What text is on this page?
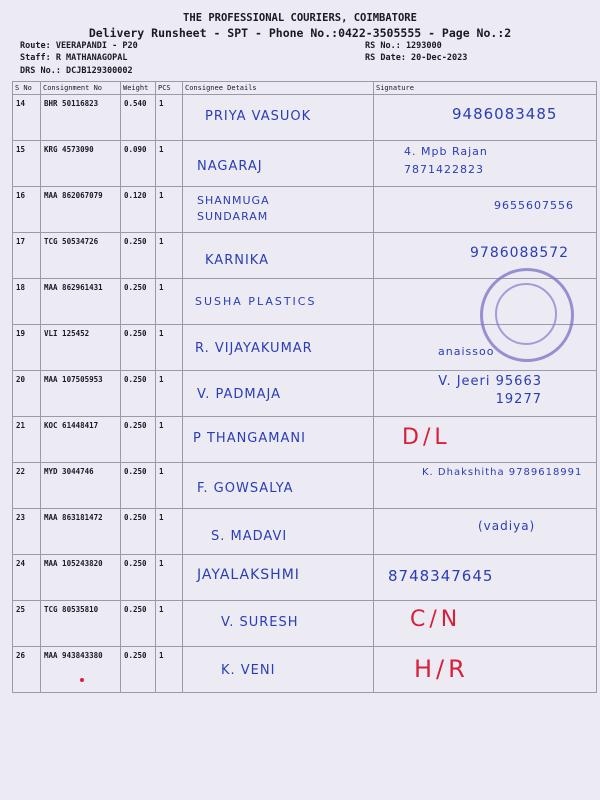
THE PROFESSIONAL COURIERS, COIMBATORE
Delivery Runsheet - SPT - Phone No.:0422-3505555 - Page No.:2
Route: VEERAPANDI - P20
Staff: R MATHANAGOPAL
DRS No.: DCJB129300002
RS No.: 1293000
RS Date: 20-Dec-2023
S No	Consignment No	Weight	PCS	Consignee Details	Signature
14	BHR 50116823	0.540	1	PRIYA VASUOK	9486083485

15	KRG 4573090	0.090	1	NAGARAJ	4. Mpb Rajan 7871422823

16	MAA 862067079	0.120	1	SHANMUGA SUNDARAM	9655607556

17	TCG 50534726	0.250	1	KARNIKA	9786088572

18	MAA 862961431	0.250	1	SUSHA PLASTICS	

19	VLI 125452	0.250	1	R. VIJAYAKUMAR	anaissoo

20	MAA 107505953	0.250	1	V. PADMAJA	V. Jeeri 95663 19277

21	KOC 61448417	0.250	1	P THANGAMANI	D/L

22	MYD 3044746	0.250	1	F. GOWSALYA	K. Dhakshitha 9789618991

23	MAA 863181472	0.250	1	S. MADAVI	(vadiya)

24	MAA 105243820	0.250	1	JAYALAKSHMI	8748347645

25	TCG 80535810	0.250	1	V. SURESH	C/N

26	MAA 943843380	0.250	1	K. VENI	H/R
